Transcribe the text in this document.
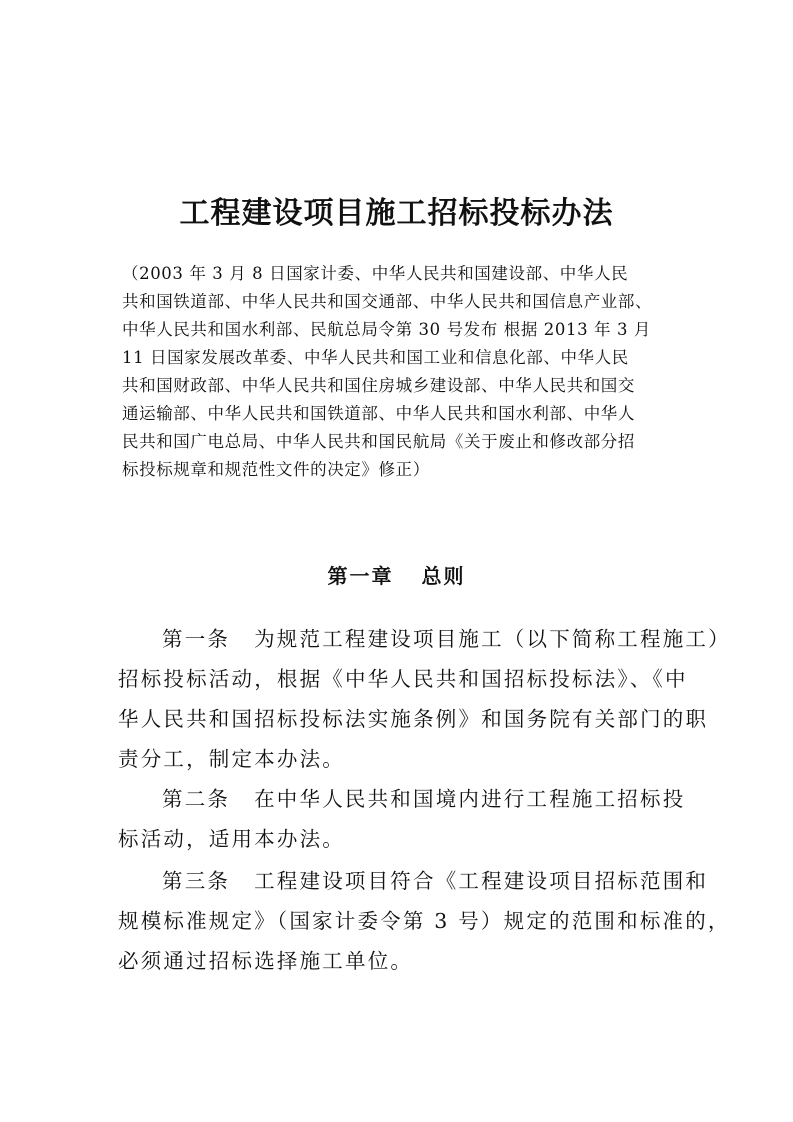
工程建设项目施工招标投标办法
（2003 年 3 月 8 日国家计委、中华人民共和国建设部、中华人民
共和国铁道部、中华人民共和国交通部、中华人民共和国信息产业部、
中华人民共和国水利部、民航总局令第 30 号发布 根据 2013 年 3 月
11 日国家发展改革委、中华人民共和国工业和信息化部、中华人民
共和国财政部、中华人民共和国住房城乡建设部、中华人民共和国交
通运输部、中华人民共和国铁道部、中华人民共和国水利部、中华人
民共和国广电总局、中华人民共和国民航局《关于废止和修改部分招
标投标规章和规范性文件的决定》修正）
第一章 总则
第一条 为规范工程建设项目施工（以下简称工程施工）
招标投标活动，根据《中华人民共和国招标投标法》、《中
华人民共和国招标投标法实施条例》和国务院有关部门的职
责分工，制定本办法。
第二条 在中华人民共和国境内进行工程施工招标投
标活动，适用本办法。
第三条 工程建设项目符合《工程建设项目招标范围和
规模标准规定》（国家计委令第 3 号）规定的范围和标准的，
必须通过招标选择施工单位。
